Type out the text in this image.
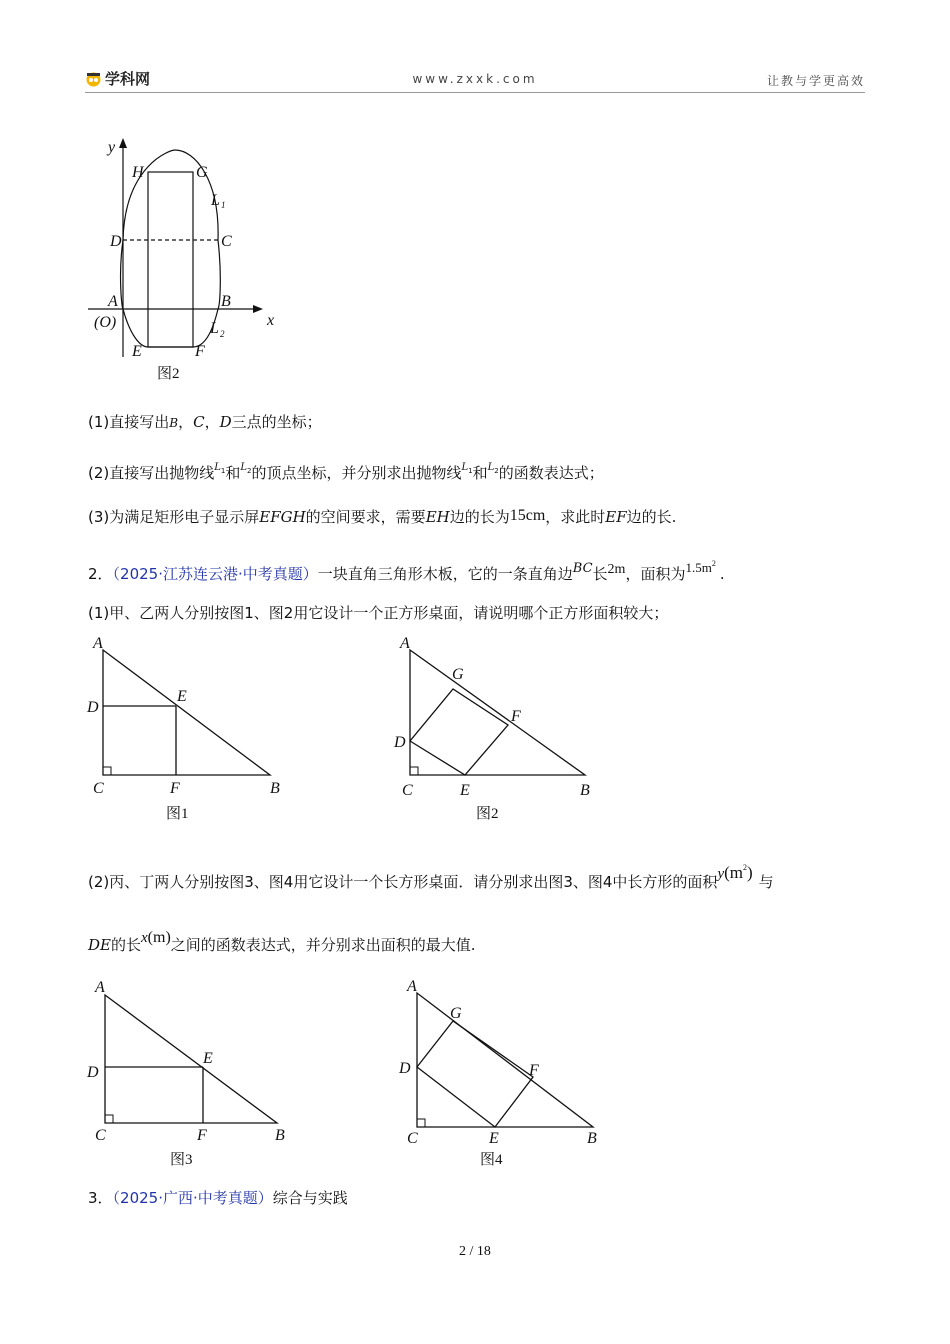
学科网	www.zxxk.com	让教与学更高效
y
x
H	G
D	C
A	B
(O)
E	F
L 1
L 2
图2
(1)直接写出B，C，D三点的坐标；
(2)直接写出抛物线$^{L1}$和$^{L2}$的顶点坐标，并分别求出抛物线$^{L1}$和$^{L2}$的函数表达式；
(3)为满足矩形电子显示屏EFGH的空间要求，需要EH边的长为15cm，求此时EF边的长.
2．（2025·江苏连云港·中考真题）一块直角三角形木板，它的一条直角边BC长2m，面积为$1.5m^2$.
(1)甲、乙两人分别按图1、图2用它设计一个正方形桌面，请说明哪个正方形面积较大；
A
D
E
C	F	B
图1
A
G
F
D
C	E	B
图2
(2)丙、丁两人分别按图3、图4用它设计一个长方形桌面．请分别求出图3、图4中长方形的面积$y(m^2)$ 与
DE的长x(m)之间的函数表达式，并分别求出面积的最大值.
A
D
E
C	F	B
图3
A
G
D	F
C	E	B
图4
3．（2025·广西·中考真题）综合与实践
2 / 18
